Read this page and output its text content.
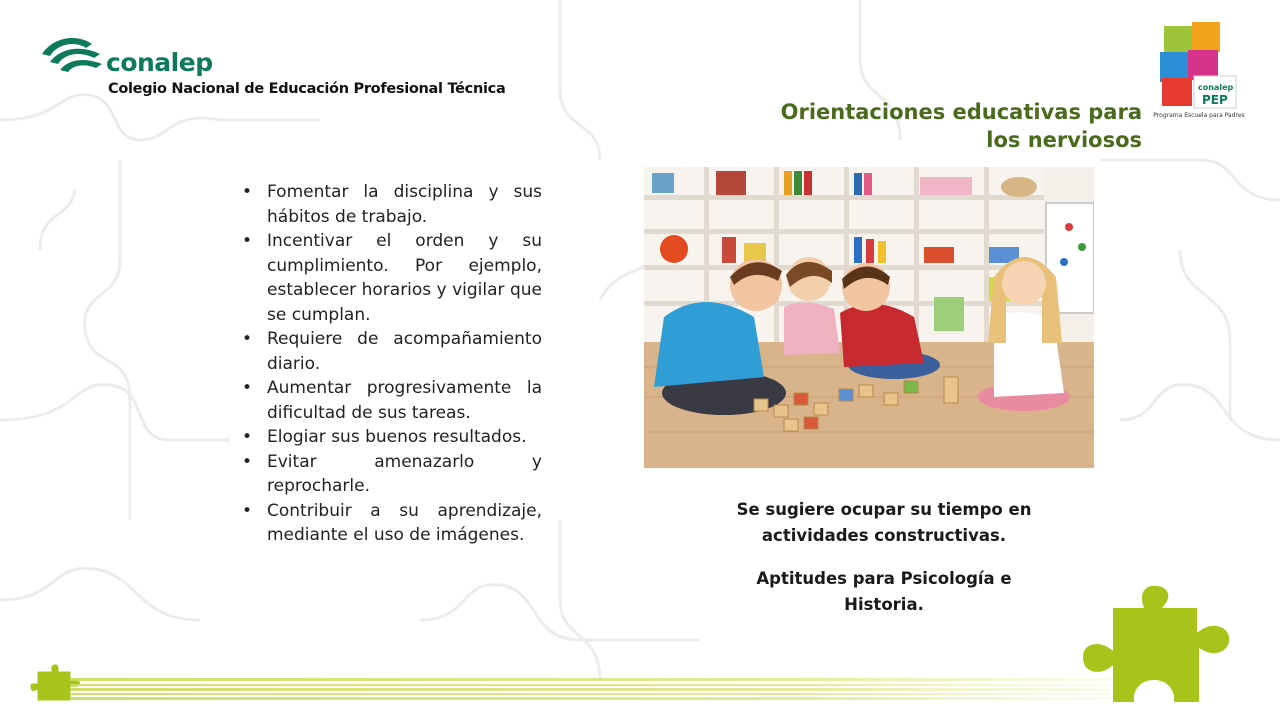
conalep
Colegio Nacional de Educación Profesional Técnica	conalep
PEP
Programa Escuela para Padres
Orientaciones educativas para
los nerviosos
• Fomentar la disciplina y sus hábitos de trabajo.
• Incentivar el orden y su cumplimiento. Por ejemplo, establecer horarios y vigilar que se cumplan.
• Requiere de acompañamiento diario.
• Aumentar progresivamente la dificultad de sus tareas.
• Elogiar sus buenos resultados.
• Evitar amenazarlo y reprocharle.
• Contribuir a su aprendizaje, mediante el uso de imágenes.
Se sugiere ocupar su tiempo en actividades constructivas.
Aptitudes para Psicología e Historia.
